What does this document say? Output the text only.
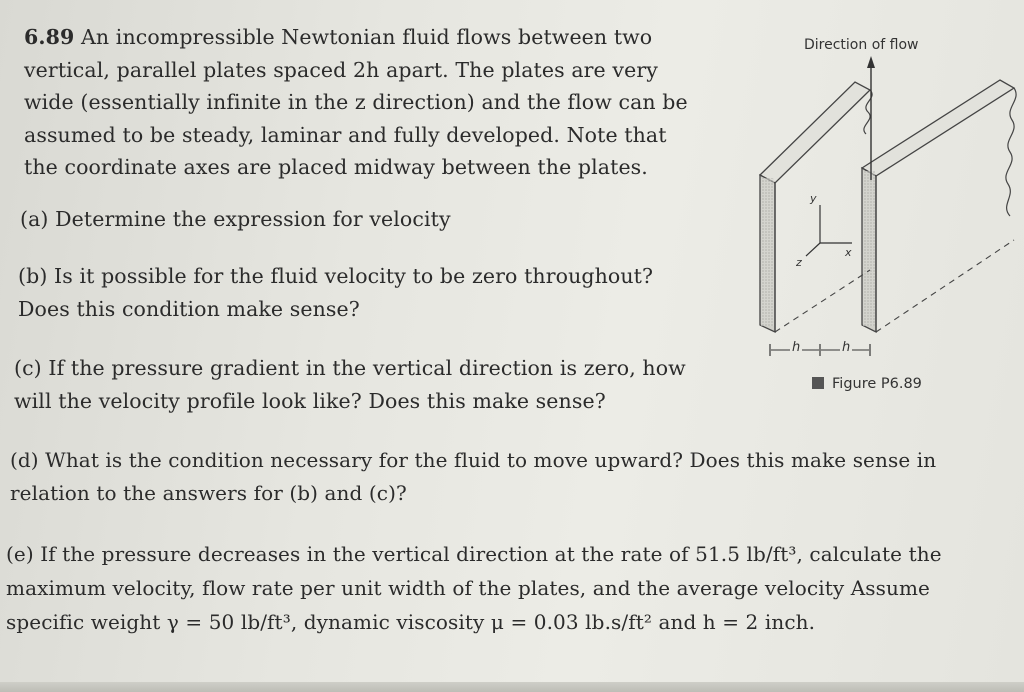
6.89 An incompressible Newtonian fluid flows between two
vertical, parallel plates spaced 2h apart. The plates are very
wide (essentially infinite in the z direction) and the flow can be
assumed to be steady, laminar and fully developed. Note that
the coordinate axes are placed midway between the plates.
(a) Determine the expression for velocity
(b) Is it possible for the fluid velocity to be zero throughout?
Does this condition make sense?
(c) If the pressure gradient in the vertical direction is zero, how
will the velocity profile look like? Does this make sense?
(d) What is the condition necessary for the fluid to move upward? Does this make sense in
relation to the answers for (b) and (c)?
(e) If the pressure decreases in the vertical direction at the rate of 51.5 lb/ft³, calculate the
maximum velocity, flow rate per unit width of the plates, and the average velocity Assume
specific weight γ = 50 lb/ft³, dynamic viscosity μ = 0.03 lb.s/ft² and h = 2 inch.
Direction of flow
y
x
z
h	h
Figure P6.89
